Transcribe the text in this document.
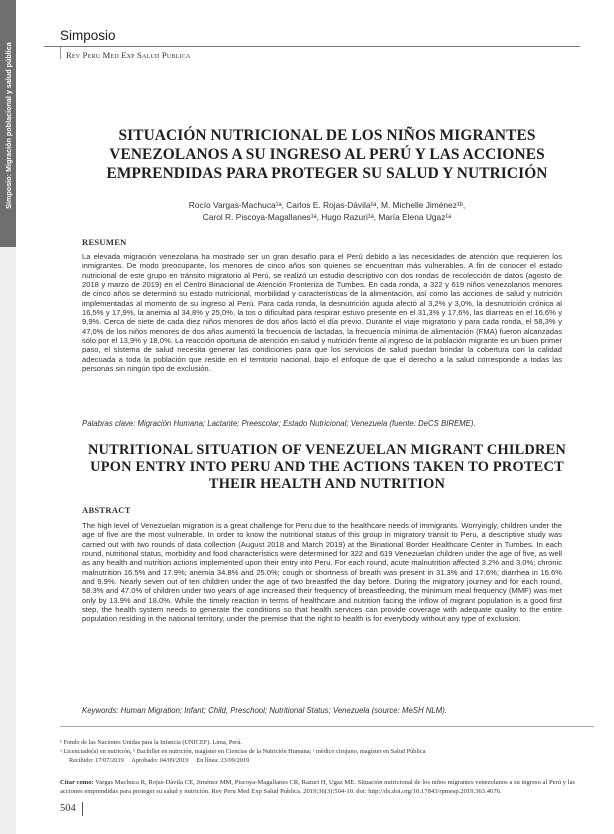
Simposio: Migración poblacional y salud pública
Simposio
Rev Peru Med Exp Salud Publica
SITUACIÓN NUTRICIONAL DE LOS NIÑOS MIGRANTES
VENEZOLANOS A SU INGRESO AL PERÚ Y LAS ACCIONES
EMPRENDIDAS PARA PROTEGER SU SALUD Y NUTRICIÓN
Rocío Vargas-Machuca¹ᵃ, Carlos E. Rojas-Dávila¹ᵃ, M. Michelle Jiménez¹ᵇ,
Carol R. Piscoya-Magallanes¹ᵃ, Hugo Razuri¹ᵃ, María Elena Ugaz¹ᵃ
RESUMEN
La elevada migración venezolana ha mostrado ser un gran desafío para el Perú debido a las necesidades de atención que requieren los inmigrantes. De modo preocupante, los menores de cinco años son quienes se encuentran más vulnerables. A fin de conocer el estado nutricional de este grupo en tránsito migratorio al Perú, se realizó un estudio descriptivo con dos rondas de recolección de datos (agosto de 2018 y marzo de 2019) en el Centro Binacional de Atención Fronteriza de Tumbes. En cada ronda, a 322 y 619 niños venezolanos menores de cinco años se determinó su estado nutricional, morbilidad y características de la alimentación, así como las acciones de salud y nutrición implementadas al momento de su ingreso al Perú. Para cada ronda, la desnutrición aguda afectó al 3,2% y 3,0%, la desnutrición crónica al 16,5% y 17,9%, la anemia al 34,8% y 25,0%, la tos o dificultad para respirar estuvo presente en el 31,3% y 17,6%, las diarreas en el 16,6% y 9,9%. Cerca de siete de cada diez niños menores de dos años lactó el día previo. Durante el viaje migratorio y para cada ronda, el 58,3% y 47,0% de los niños menores de dos años aumentó la frecuencia de lactadas, la frecuencia mínima de alimentación (FMA) fueron alcanzadas sólo por el 13,9% y 18,0%. La reacción oportuna de atención en salud y nutrición frente al ingreso de la población migrante es un buen primer paso, el sistema de salud necesita generar las condiciones para que los servicios de salud puedan brindar la cobertura con la calidad adecuada a toda la población que reside en el territorio nacional, bajo el enfoque de que el derecho a la salud corresponde a todas las personas sin ningún tipo de exclusión.
Palabras clave: Migración Humana; Lactante; Preescolar; Estado Nutricional; Venezuela (fuente: DeCS BIREME).
NUTRITIONAL SITUATION OF VENEZUELAN MIGRANT CHILDREN
UPON ENTRY INTO PERU AND THE ACTIONS TAKEN TO PROTECT
THEIR HEALTH AND NUTRITION
ABSTRACT
The high level of Venezuelan migration is a great challenge for Peru due to the healthcare needs of immigrants. Worryingly, children under the age of five are the most vulnerable. In order to know the nutritional status of this group in migratory transit to Peru, a descriptive study was carried out with two rounds of data collection (August 2018 and March 2019) at the Binational Border Healthcare Center in Tumbes. In each round, nutritional status, morbidity and food characteristics were determined for 322 and 619 Venezuelan children under the age of five, as well as any health and nutrition actions implemented upon their entry into Peru. For each round, acute malnutrition affected 3.2% and 3.0%; chronic malnutrition 16.5% and 17.9%; anemia 34.8% and 25.0%; cough or shortness of breath was present in 31.3% and 17.6%; diarrhea in 16.6% and 9.9%. Nearly seven out of ten children under the age of two breastfed the day before. During the migratory journey and for each round, 58.3% and 47.0% of children under two years of age increased their frequency of breastfeeding, the minimum meal frequency (MMF) was met only by 13.9% and 18.0%. While the timely reaction in terms of healthcare and nutrition facing the inflow of migrant population is a good first step, the health system needs to generate the conditions so that health services can provide coverage with adequate quality to the entire population residing in the national territory, under the premise that the right to health is for everybody without any type of exclusion.
Keywords: Human Migration; Infant; Child, Preschool; Nutritional Status; Venezuela (source: MeSH NLM).
¹ Fondo de las Naciones Unidas para la Infancia (UNICEF). Lima, Perú.
ᵃ Licenciado(a) en nutrición, ᵇ Bachiller en nutrición, magíster en Ciencias de la Nutrición Humana; ᶜ médico cirujano, magíster en Salud Pública
Recibido: 17/07/2019 Aprobado: 04/09/2019 En línea: 23/09/2019
Citar como: Vargas Machuca R, Rojas-Dávila CE, Jiménez MM, Piscoya-Magallanes CR, Razuri H, Ugaz ME. Situación nutricional de los niños migrantes venezolanos a su ingreso al Perú y las acciones emprendidas para proteger su salud y nutrición. Rev Peru Med Exp Salud Publica. 2019;36(3):504-10. doi: http://dx.doi.org/10.17843/rpmesp.2019.363.4676.
504
